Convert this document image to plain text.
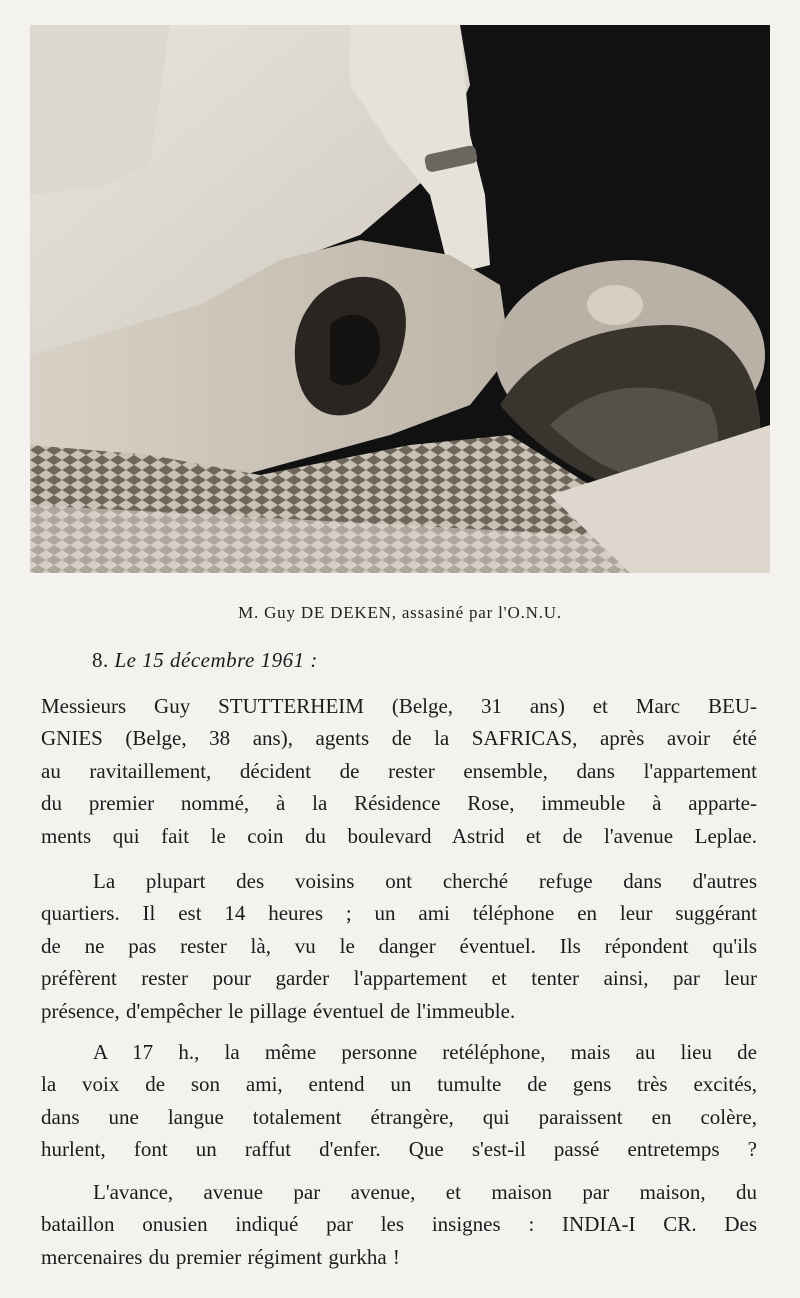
M. Guy DE DEKEN, assasiné par l'O.N.U.
8. Le 15 décembre 1961 :
Messieurs Guy STUTTERHEIM (Belge, 31 ans) et Marc BEU-
GNIES (Belge, 38 ans), agents de la SAFRICAS, après avoir été
au ravitaillement, décident de rester ensemble, dans l'appartement
du premier nommé, à la Résidence Rose, immeuble à apparte-
ments qui fait le coin du boulevard Astrid et de l'avenue Leplae.
La plupart des voisins ont cherché refuge dans d'autres
quartiers. Il est 14 heures ; un ami téléphone en leur suggérant
de ne pas rester là, vu le danger éventuel. Ils répondent qu'ils
préfèrent rester pour garder l'appartement et tenter ainsi, par leur
présence, d'empêcher le pillage éventuel de l'immeuble.
A 17 h., la même personne retéléphone, mais au lieu de
la voix de son ami, entend un tumulte de gens très excités,
dans une langue totalement étrangère, qui paraissent en colère,
hurlent, font un raffut d'enfer. Que s'est-il passé entretemps ?
L'avance, avenue par avenue, et maison par maison, du
bataillon onusien indiqué par les insignes : INDIA-I CR. Des
mercenaires du premier régiment gurkha !
